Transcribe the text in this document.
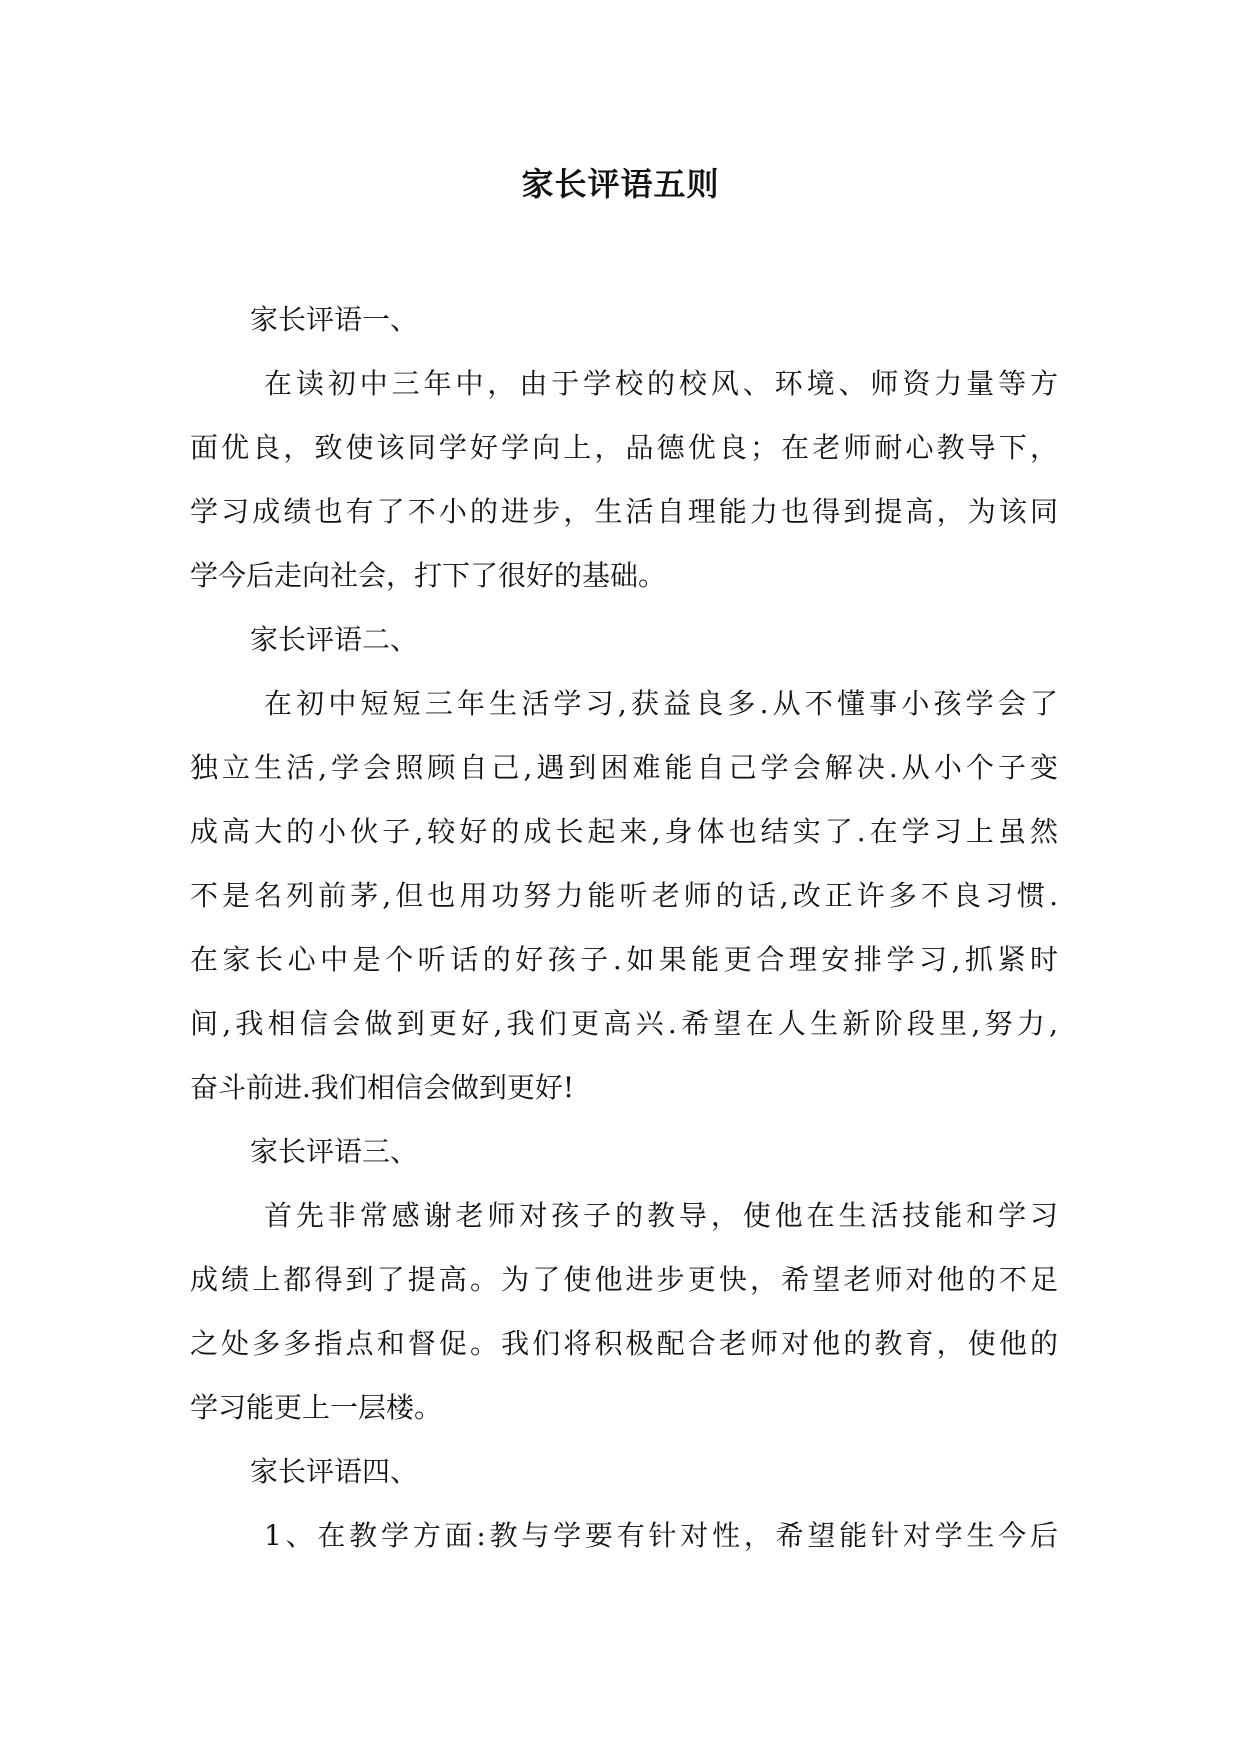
家长评语五则

家长评语一、

在读初中三年中，由于学校的校风、环境、师资力量等方
面优良，致使该同学好学向上，品德优良；在老师耐心教导下，
学习成绩也有了不小的进步，生活自理能力也得到提高，为该同
学今后走向社会，打下了很好的基础。

家长评语二、

在初中短短三年生活学习,获益良多.从不懂事小孩学会了
独立生活,学会照顾自己,遇到困难能自己学会解决.从小个子变
成高大的小伙子,较好的成长起来,身体也结实了.在学习上虽然
不是名列前茅,但也用功努力能听老师的话,改正许多不良习惯.
在家长心中是个听话的好孩子.如果能更合理安排学习,抓紧时
间,我相信会做到更好,我们更高兴.希望在人生新阶段里,努力,
奋斗前进.我们相信会做到更好!

家长评语三、

首先非常感谢老师对孩子的教导，使他在生活技能和学习
成绩上都得到了提高。为了使他进步更快，希望老师对他的不足
之处多多指点和督促。我们将积极配合老师对他的教育，使他的
学习能更上一层楼。

家长评语四、

1、在教学方面:教与学要有针对性，希望能针对学生今后
